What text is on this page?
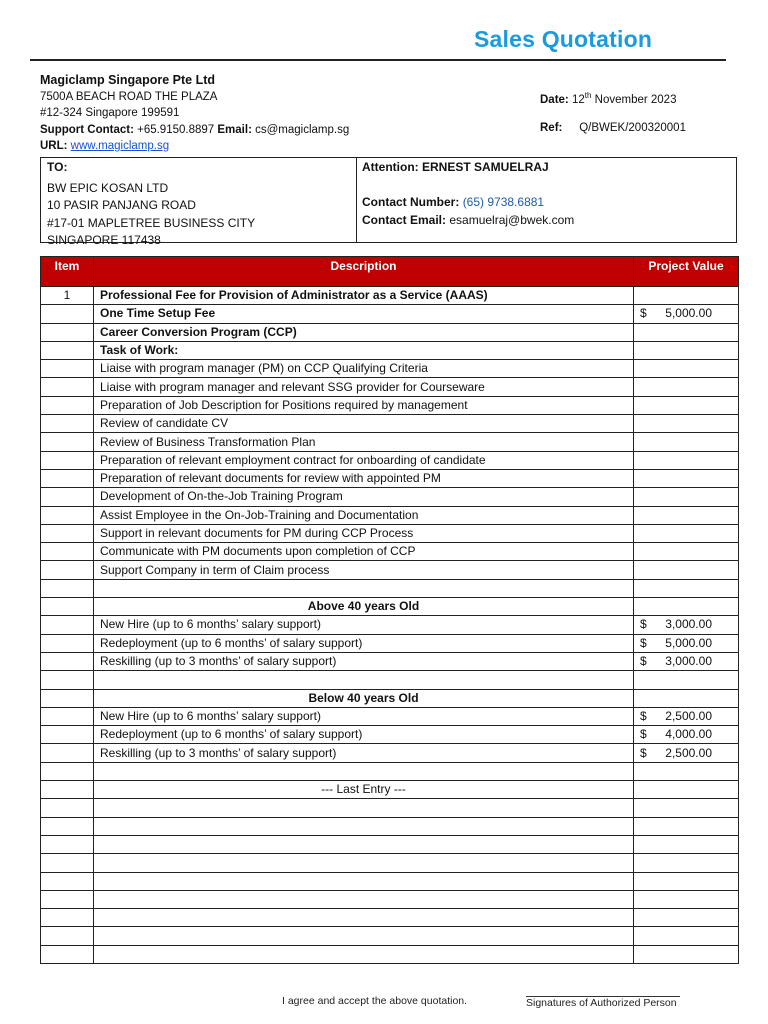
Sales Quotation
Magiclamp Singapore Pte Ltd
7500A BEACH ROAD THE PLAZA
#12-324 Singapore 199591
Support Contact: +65.9150.8897 Email: cs@magiclamp.sg
URL: www.magiclamp.sg
Date: 12th November 2023
Ref: Q/BWEK/200320001
TO:
BW EPIC KOSAN LTD
10 PASIR PANJANG ROAD
#17-01 MAPLETREE BUSINESS CITY
SINGAPORE 117438
Attention: ERNEST SAMUELRAJ
Contact Number: (65) 9738.6881
Contact Email: esamuelraj@bwek.com
Item	Description	Project Value
1	Professional Fee for Provision of Administrator as a Service (AAAS)	

	One Time Setup Fee	$ 5,000.00

	Career Conversion Program (CCP)	

	Task of Work:	

	Liaise with program manager (PM) on CCP Qualifying Criteria	

	Liaise with program manager and relevant SSG provider for Courseware	

	Preparation of Job Description for Positions required by management	

	Review of candidate CV	

	Review of Business Transformation Plan	

	Preparation of relevant employment contract for onboarding of candidate	

	Preparation of relevant documents for review with appointed PM	

	Development of On-the-Job Training Program	

	Assist Employee in the On-Job-Training and Documentation	

	Support in relevant documents for PM during CCP Process	

	Communicate with PM documents upon completion of CCP	

	Support Company in term of Claim process	

	Above 40 years Old	

	New Hire (up to 6 months’ salary support)	$ 3,000.00

	Redeployment (up to 6 months’ of salary support)	$ 5,000.00

	Reskilling (up to 3 months’ of salary support)	$ 3,000.00

	Below 40 years Old	

	New Hire (up to 6 months’ salary support)	$ 2,500.00

	Redeployment (up to 6 months’ of salary support)	$ 4,000.00

	Reskilling (up to 3 months’ of salary support)	$ 2,500.00

	--- Last Entry ---	

I agree and accept the above quotation.	Signatures of Authorized Person
